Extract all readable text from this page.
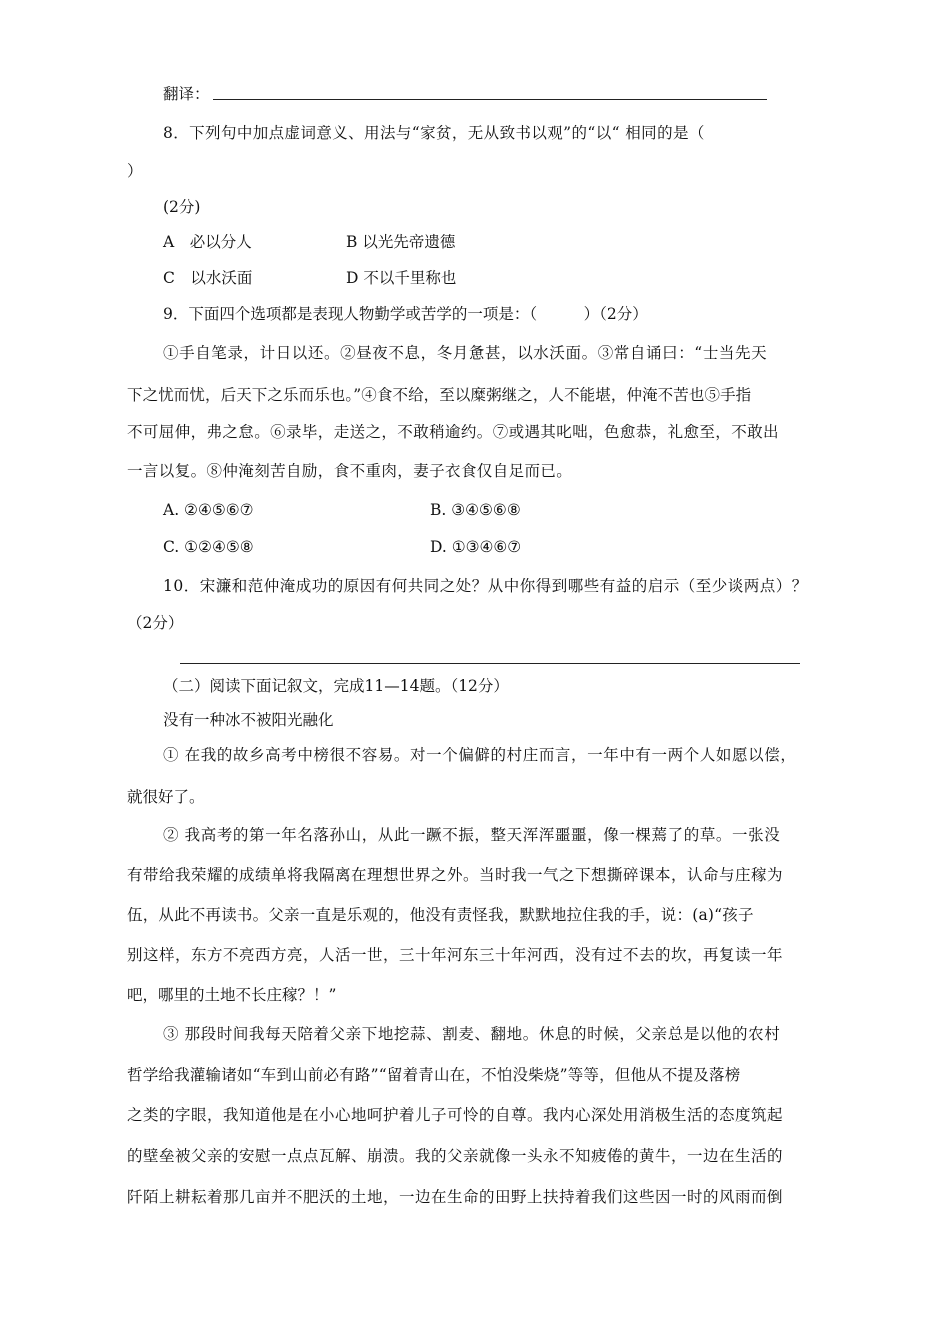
翻译：
8．下列句中加点虚词意义、用法与“家贫，无从致书以观”的“以“ 相同的是（
）
(2分)
A　必以分人	B 以光先帝遗德
C　以水沃面	D 不以千里称也
9．下面四个选项都是表现人物勤学或苦学的一项是：（　　　）（2分）
①手自笔录，计日以还。②昼夜不息，冬月惫甚，以水沃面。③常自诵曰：“士当先天
下之忧而忧，后天下之乐而乐也。”④食不给，至以糜粥继之，人不能堪，仲淹不苦也⑤手指
不可屈伸，弗之怠。⑥录毕，走送之，不敢稍逾约。⑦或遇其叱咄，色愈恭，礼愈至，不敢出
一言以复。⑧仲淹刻苦自励，食不重肉，妻子衣食仅自足而已。
A. ②④⑤⑥⑦	B. ③④⑤⑥⑧
C. ①②④⑤⑧	D. ①③④⑥⑦
10．宋濂和范仲淹成功的原因有何共同之处？从中你得到哪些有益的启示（至少谈两点）？
（2分）
（二）阅读下面记叙文，完成11—14题。（12分）
没有一种冰不被阳光融化
① 在我的故乡高考中榜很不容易。对一个偏僻的村庄而言，一年中有一两个人如愿以偿，
就很好了。
② 我高考的第一年名落孙山，从此一蹶不振，整天浑浑噩噩，像一棵蔫了的草。一张没
有带给我荣耀的成绩单将我隔离在理想世界之外。当时我一气之下想撕碎课本，认命与庄稼为
伍，从此不再读书。父亲一直是乐观的，他没有责怪我，默默地拉住我的手，说：(a)“孩子
别这样，东方不亮西方亮，人活一世，三十年河东三十年河西，没有过不去的坎，再复读一年
吧，哪里的土地不长庄稼？！”
③ 那段时间我每天陪着父亲下地挖蒜、割麦、翻地。休息的时候，父亲总是以他的农村
哲学给我灌输诸如“车到山前必有路”“留着青山在，不怕没柴烧”等等，但他从不提及落榜
之类的字眼，我知道他是在小心地呵护着儿子可怜的自尊。我内心深处用消极生活的态度筑起
的壁垒被父亲的安慰一点点瓦解、崩溃。我的父亲就像一头永不知疲倦的黄牛，一边在生活的
阡陌上耕耘着那几亩并不肥沃的土地，一边在生命的田野上扶持着我们这些因一时的风雨而倒
